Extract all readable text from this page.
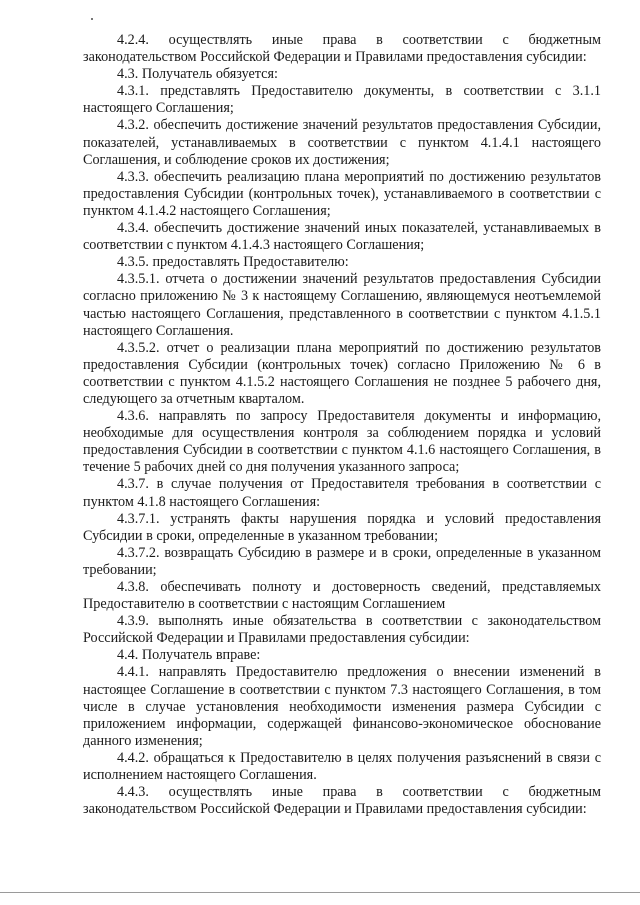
4.2.4. осуществлять иные права в соответствии с бюджетным законодательством Российской Федерации и Правилами предоставления субсидии:

4.3. Получатель обязуется:

4.3.1. представлять Предоставителю документы, в соответствии с 3.1.1 настоящего Соглашения;

4.3.2. обеспечить достижение значений результатов предоставления Субсидии, показателей, устанавливаемых в соответствии с пунктом 4.1.4.1 настоящего Соглашения, и соблюдение сроков их достижения;

4.3.3. обеспечить реализацию плана мероприятий по достижению результатов предоставления Субсидии (контрольных точек), устанавливаемого в соответствии с пунктом 4.1.4.2 настоящего Соглашения;

4.3.4. обеспечить достижение значений иных показателей, устанавливаемых в соответствии с пунктом 4.1.4.3 настоящего Соглашения;

4.3.5. предоставлять Предоставителю:

4.3.5.1. отчета о достижении значений результатов предоставления Субсидии согласно приложению № 3 к настоящему Соглашению, являющемуся неотъемлемой частью настоящего Соглашения, представленного в соответствии с пунктом 4.1.5.1 настоящего Соглашения.

4.3.5.2. отчет о реализации плана мероприятий по достижению результатов предоставления Субсидии (контрольных точек) согласно Приложению № 6 в соответствии с пунктом 4.1.5.2 настоящего Соглашения не позднее 5 рабочего дня, следующего за отчетным кварталом.

4.3.6. направлять по запросу Предоставителя документы и информацию, необходимые для осуществления контроля за соблюдением порядка и условий предоставления Субсидии в соответствии с пунктом 4.1.6 настоящего Соглашения, в течение 5 рабочих дней со дня получения указанного запроса;

4.3.7. в случае получения от Предоставителя требования в соответствии с пунктом 4.1.8 настоящего Соглашения:

4.3.7.1. устранять факты нарушения порядка и условий предоставления Субсидии в сроки, определенные в указанном требовании;

4.3.7.2. возвращать Субсидию в размере и в сроки, определенные в указанном требовании;

4.3.8. обеспечивать полноту и достоверность сведений, представляемых Предоставителю в соответствии с настоящим Соглашением

4.3.9. выполнять иные обязательства в соответствии с законодательством Российской Федерации и Правилами предоставления субсидии:

4.4. Получатель вправе:

4.4.1. направлять Предоставителю предложения о внесении изменений в настоящее Соглашение в соответствии с пунктом 7.3 настоящего Соглашения, в том числе в случае установления необходимости изменения размера Субсидии с приложением информации, содержащей финансово-экономическое обоснование данного изменения;

4.4.2. обращаться к Предоставителю в целях получения разъяснений в связи с исполнением настоящего Соглашения.

4.4.3. осуществлять иные права в соответствии с бюджетным законодательством Российской Федерации и Правилами предоставления субсидии:
